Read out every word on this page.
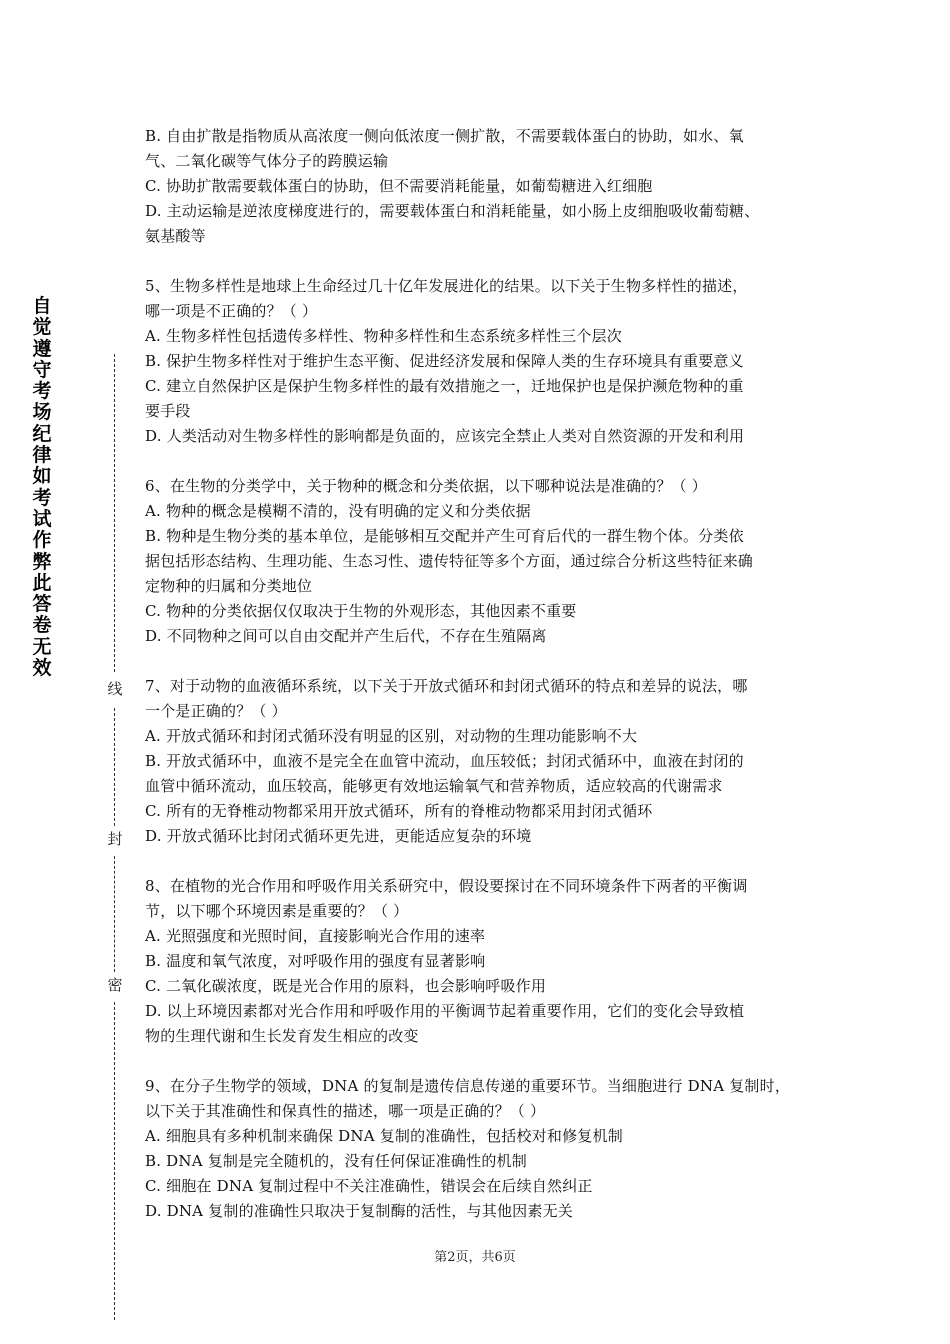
自
觉
遵
守
考
场
纪
律
如
考
试
作
弊
此
答
卷
无
效
线
封
密
B. 自由扩散是指物质从高浓度一侧向低浓度一侧扩散，不需要载体蛋白的协助，如水、氧
气、二氧化碳等气体分子的跨膜运输
C. 协助扩散需要载体蛋白的协助，但不需要消耗能量，如葡萄糖进入红细胞
D. 主动运输是逆浓度梯度进行的，需要载体蛋白和消耗能量，如小肠上皮细胞吸收葡萄糖、
氨基酸等
5、生物多样性是地球上生命经过几十亿年发展进化的结果。以下关于生物多样性的描述，
哪一项是不正确的？（ ）
A. 生物多样性包括遗传多样性、物种多样性和生态系统多样性三个层次
B. 保护生物多样性对于维护生态平衡、促进经济发展和保障人类的生存环境具有重要意义
C. 建立自然保护区是保护生物多样性的最有效措施之一，迁地保护也是保护濒危物种的重
要手段
D. 人类活动对生物多样性的影响都是负面的，应该完全禁止人类对自然资源的开发和利用
6、在生物的分类学中，关于物种的概念和分类依据，以下哪种说法是准确的？（ ）
A. 物种的概念是模糊不清的，没有明确的定义和分类依据
B. 物种是生物分类的基本单位，是能够相互交配并产生可育后代的一群生物个体。分类依
据包括形态结构、生理功能、生态习性、遗传特征等多个方面，通过综合分析这些特征来确
定物种的归属和分类地位
C. 物种的分类依据仅仅取决于生物的外观形态，其他因素不重要
D. 不同物种之间可以自由交配并产生后代，不存在生殖隔离
7、对于动物的血液循环系统，以下关于开放式循环和封闭式循环的特点和差异的说法，哪
一个是正确的？（ ）
A. 开放式循环和封闭式循环没有明显的区别，对动物的生理功能影响不大
B. 开放式循环中，血液不是完全在血管中流动，血压较低；封闭式循环中，血液在封闭的
血管中循环流动，血压较高，能够更有效地运输氧气和营养物质，适应较高的代谢需求
C. 所有的无脊椎动物都采用开放式循环，所有的脊椎动物都采用封闭式循环
D. 开放式循环比封闭式循环更先进，更能适应复杂的环境
8、在植物的光合作用和呼吸作用关系研究中，假设要探讨在不同环境条件下两者的平衡调
节，以下哪个环境因素是重要的？（ ）
A. 光照强度和光照时间，直接影响光合作用的速率
B. 温度和氧气浓度，对呼吸作用的强度有显著影响
C. 二氧化碳浓度，既是光合作用的原料，也会影响呼吸作用
D. 以上环境因素都对光合作用和呼吸作用的平衡调节起着重要作用，它们的变化会导致植
物的生理代谢和生长发育发生相应的改变
9、在分子生物学的领域，DNA 的复制是遗传信息传递的重要环节。当细胞进行 DNA 复制时，
以下关于其准确性和保真性的描述，哪一项是正确的？（ ）
A. 细胞具有多种机制来确保 DNA 复制的准确性，包括校对和修复机制
B. DNA 复制是完全随机的，没有任何保证准确性的机制
C. 细胞在 DNA 复制过程中不关注准确性，错误会在后续自然纠正
D. DNA 复制的准确性只取决于复制酶的活性，与其他因素无关
第2页，共6页
